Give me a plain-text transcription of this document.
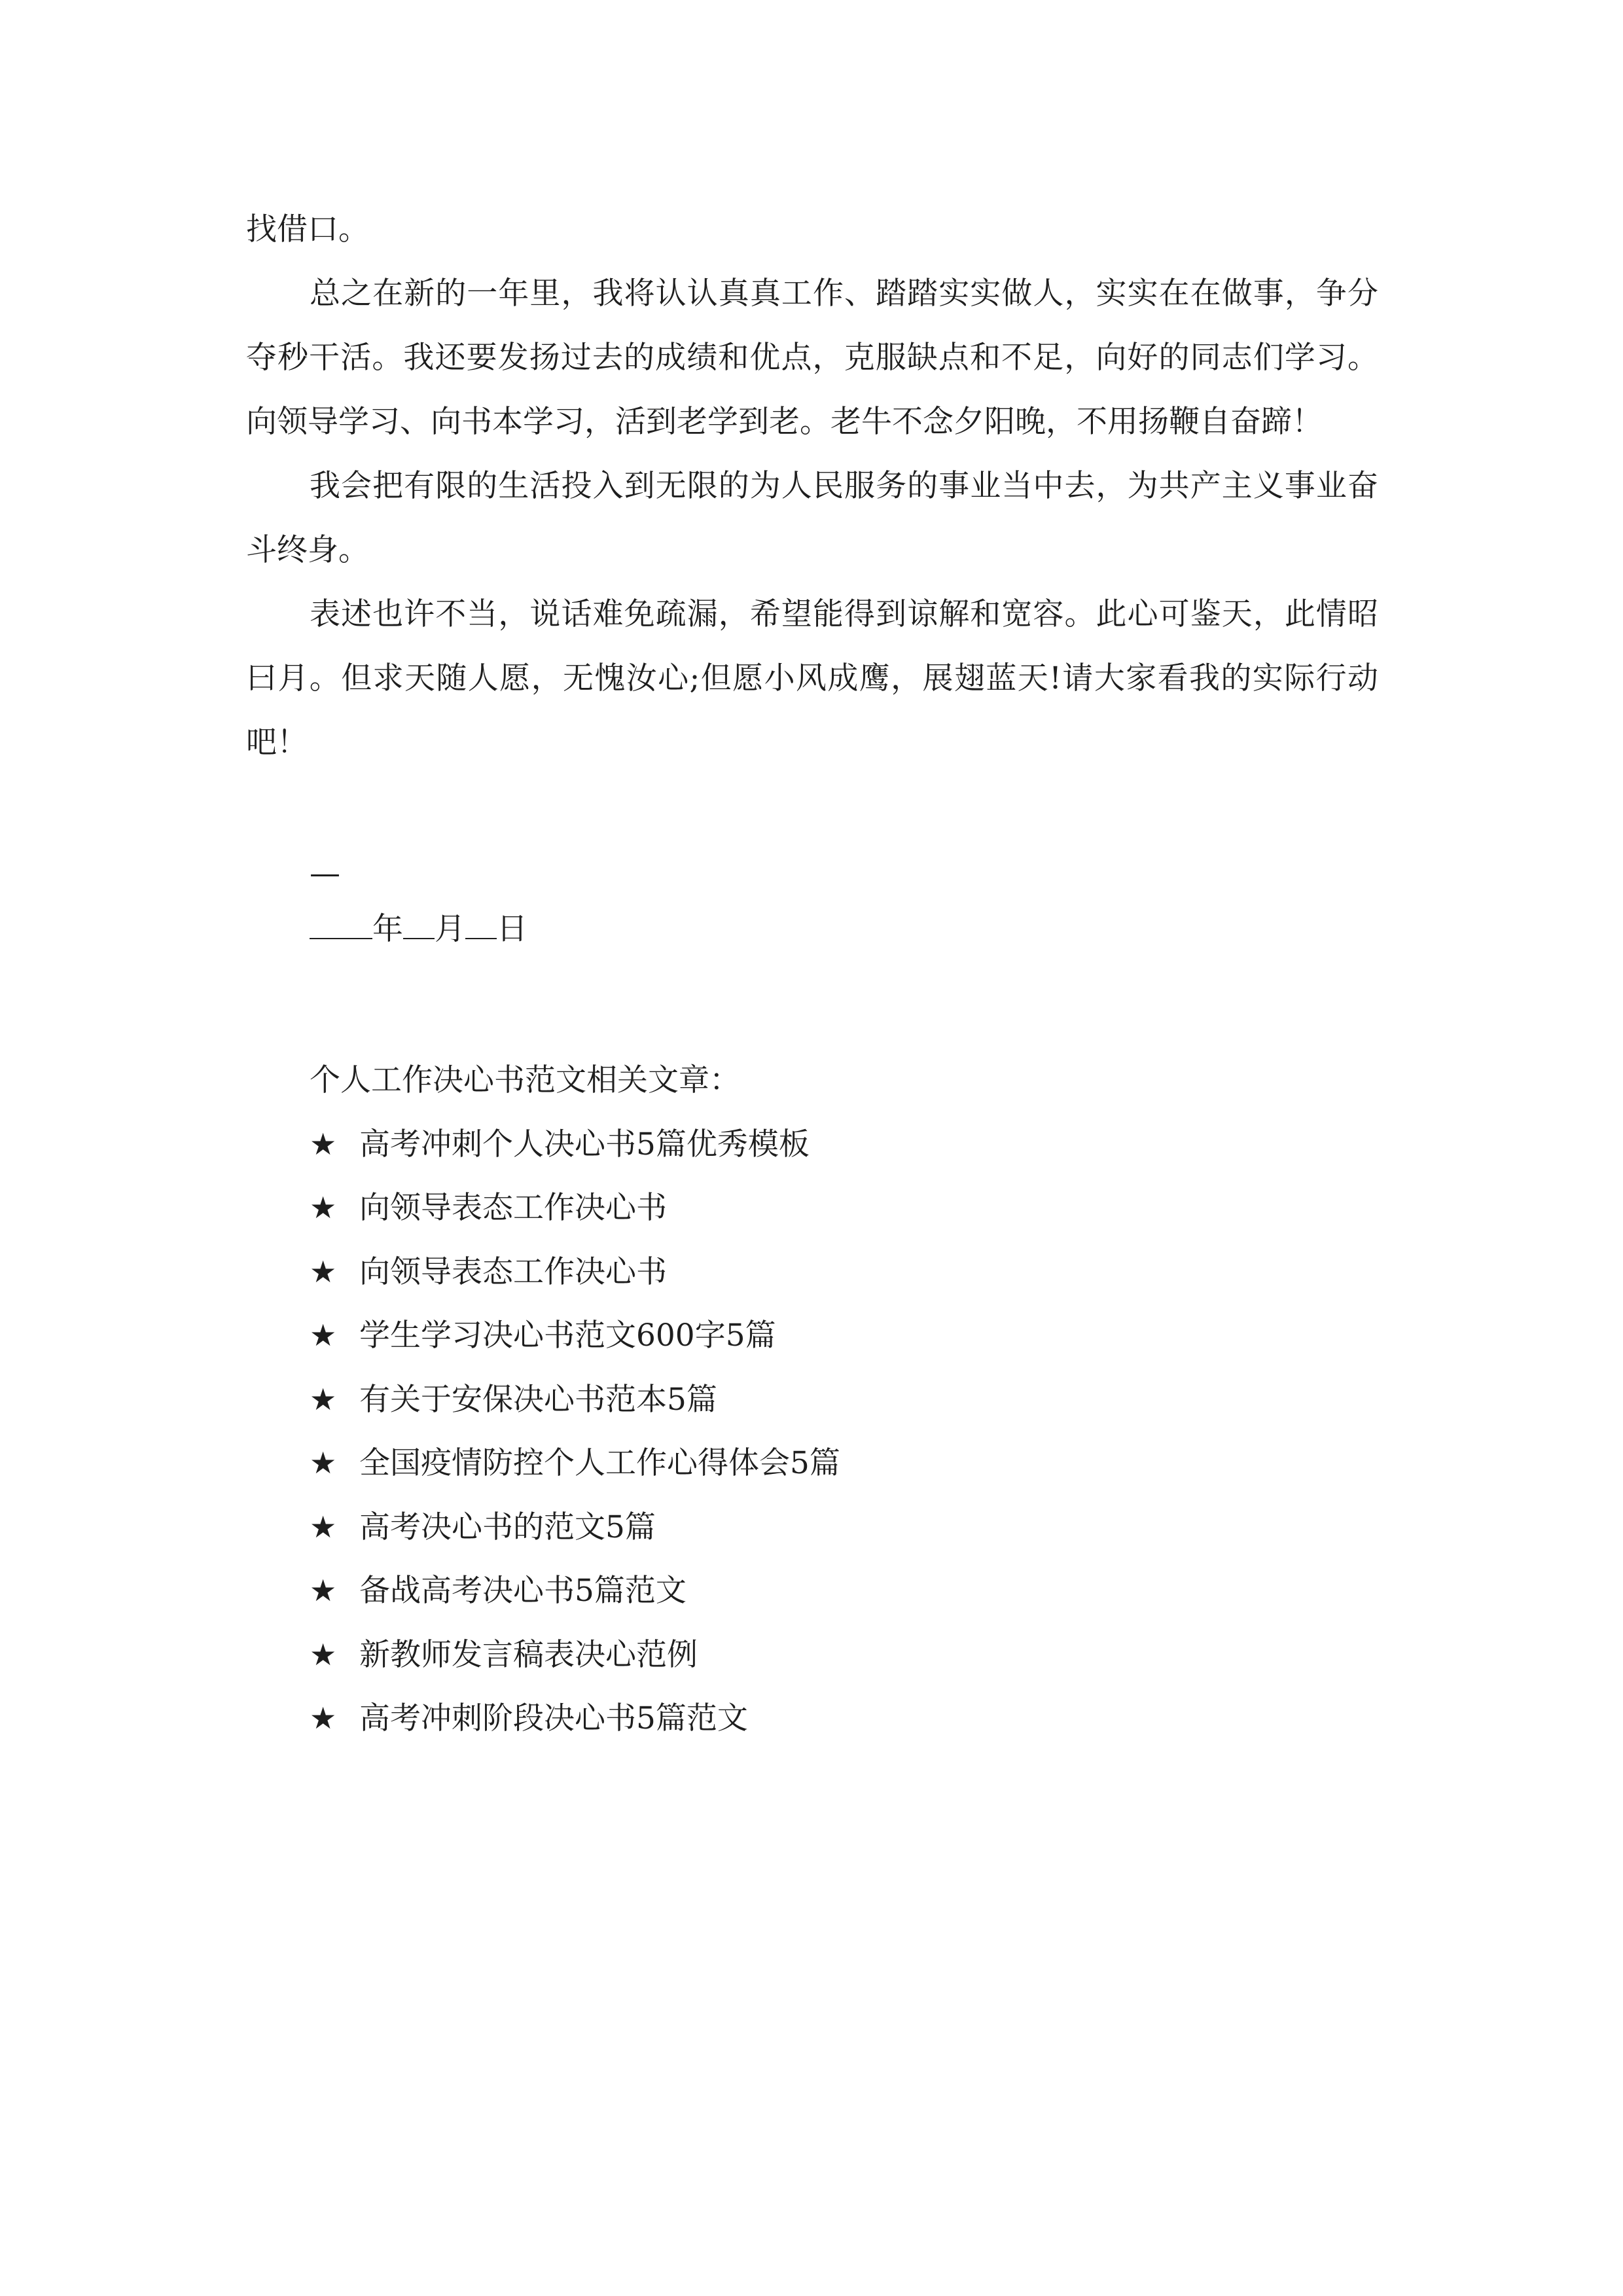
找借口。

总之在新的一年里，我将认认真真工作、踏踏实实做人，实实在在做事，争分夺秒干活。我还要发扬过去的成绩和优点，克服缺点和不足，向好的同志们学习。向领导学习、向书本学习，活到老学到老。老牛不念夕阳晚，不用扬鞭自奋蹄！

我会把有限的生活投入到无限的为人民服务的事业当中去，为共产主义事业奋斗终身。

表述也许不当，说话难免疏漏，希望能得到谅解和宽容。此心可鉴天，此情昭曰月。但求天随人愿，无愧汝心;但愿小风成鹰，展翅蓝天!请大家看我的实际行动吧！

—
年 月 日

个人工作决心书范文相关文章：

★ 高考冲刺个人决心书5篇优秀模板
★ 向领导表态工作决心书
★ 向领导表态工作决心书
★ 学生学习决心书范文600字5篇
★ 有关于安保决心书范本5篇
★ 全国疫情防控个人工作心得体会5篇
★ 高考决心书的范文5篇
★ 备战高考决心书5篇范文
★ 新教师发言稿表决心范例
★ 高考冲刺阶段决心书5篇范文
